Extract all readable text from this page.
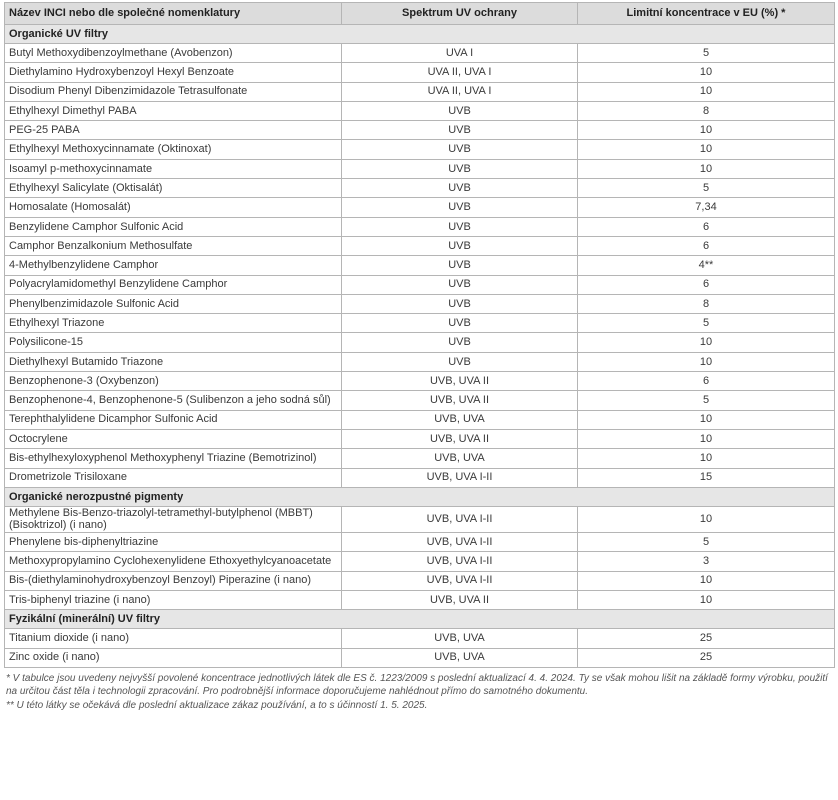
Název INCI nebo dle společné nomenklatury	Spektrum UV ochrany	Limitní koncentrace v EU (%) *
Organické UV filtry		
Butyl Methoxydibenzoylmethane (Avobenzon)	UVA I	5
Diethylamino Hydroxybenzoyl Hexyl Benzoate	UVA II, UVA I	10
Disodium Phenyl Dibenzimidazole Tetrasulfonate	UVA II, UVA I	10
Ethylhexyl Dimethyl PABA	UVB	8
PEG-25 PABA	UVB	10
Ethylhexyl Methoxycinnamate (Oktinoxat)	UVB	10
Isoamyl p-methoxycinnamate	UVB	10
Ethylhexyl Salicylate (Oktisalát)	UVB	5
Homosalate (Homosalát)	UVB	7,34
Benzylidene Camphor Sulfonic Acid	UVB	6
Camphor Benzalkonium Methosulfate	UVB	6
4-Methylbenzylidene Camphor	UVB	4**
Polyacrylamidomethyl Benzylidene Camphor	UVB	6
Phenylbenzimidazole Sulfonic Acid	UVB	8
Ethylhexyl Triazone	UVB	5
Polysilicone-15	UVB	10
Diethylhexyl Butamido Triazone	UVB	10
Benzophenone-3 (Oxybenzon)	UVB, UVA II	6
Benzophenone-4, Benzophenone-5 (Sulibenzon a jeho sodná sůl)	UVB, UVA II	5
Terephthalylidene Dicamphor Sulfonic Acid	UVB, UVA	10
Octocrylene	UVB, UVA II	10
Bis-ethylhexyloxyphenol Methoxyphenyl Triazine (Bemotrizinol)	UVB, UVA	10
Drometrizole Trisiloxane	UVB, UVA I-II	15
Organické nerozpustné pigmenty		
Methylene Bis-Benzo-triazolyl-tetramethyl-butylphenol (MBBT) (Bisoktrizol) (i nano)	UVB, UVA I-II	10
Phenylene bis-diphenyltriazine	UVB, UVA I-II	5
Methoxypropylamino Cyclohexenylidene Ethoxyethylcyanoacetate	UVB, UVA I-II	3
Bis-(diethylaminohydroxybenzoyl Benzoyl) Piperazine (i nano)	UVB, UVA I-II	10
Tris-biphenyl triazine (i nano)	UVB, UVA II	10
Fyzikální (minerální) UV filtry		
Titanium dioxide (i nano)	UVB, UVA	25
Zinc oxide (i nano)	UVB, UVA	25

* V tabulce jsou uvedeny nejvyšší povolené koncentrace jednotlivých látek dle ES č. 1223/2009 s poslední aktualizací 4. 4. 2024. Ty se však mohou lišit na základě formy výrobku, použití na určitou část těla i technologii zpracování. Pro podrobnější informace doporučujeme nahlédnout přímo do samotného dokumentu.

** U této látky se očekává dle poslední aktualizace zákaz používání, a to s účinností 1. 5. 2025.
